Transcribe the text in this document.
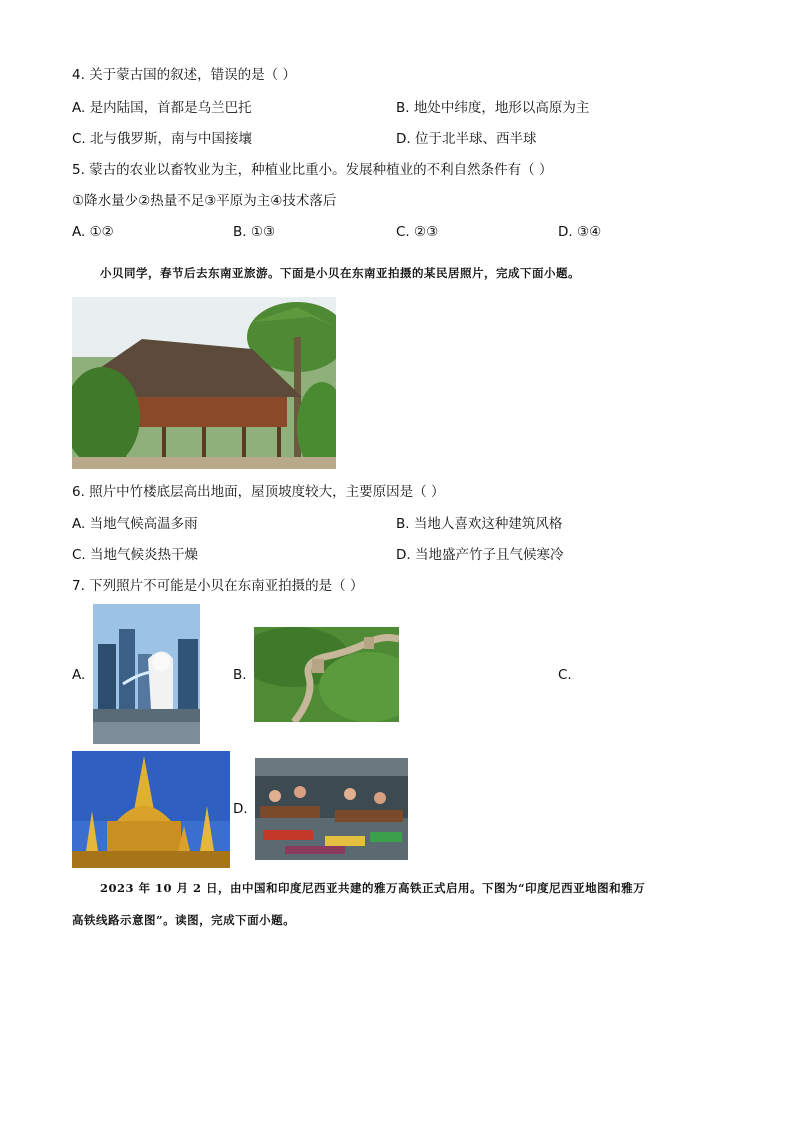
4. 关于蒙古国的叙述，错误的是（ ）
A. 是内陆国，首都是乌兰巴托	B. 地处中纬度，地形以高原为主
C. 北与俄罗斯，南与中国接壤	D. 位于北半球、西半球
5. 蒙古的农业以畜牧业为主，种植业比重小。发展种植业的不利自然条件有（ ）
①降水量少②热量不足③平原为主④技术落后
A. ①②	B. ①③	C. ②③	D. ③④
小贝同学，春节后去东南亚旅游。下面是小贝在东南亚拍摄的某民居照片，完成下面小题。
6. 照片中竹楼底层高出地面，屋顶坡度较大，主要原因是（ ）
A. 当地气候高温多雨	B. 当地人喜欢这种建筑风格
C. 当地气候炎热干燥	D. 当地盛产竹子且气候寒冷
7. 下列照片不可能是小贝在东南亚拍摄的是（ ）
A.	B.	C.
D.
2023 年 10 月 2 日，由中国和印度尼西亚共建的雅万高铁正式启用。下图为“印度尼西亚地图和雅万
高铁线路示意图”。读图，完成下面小题。
